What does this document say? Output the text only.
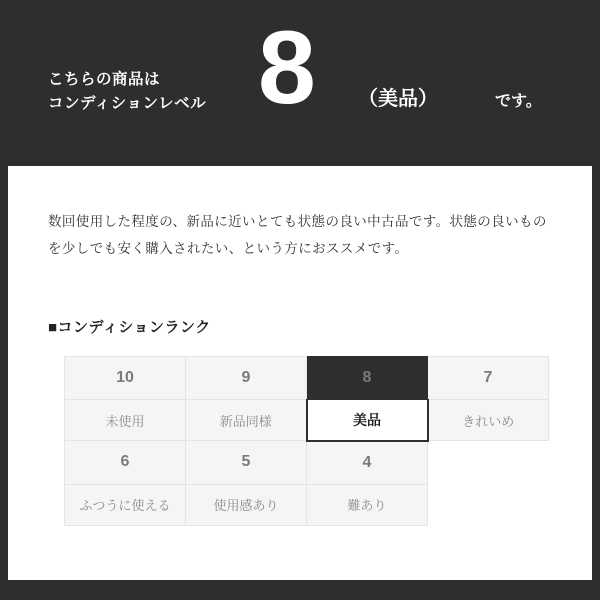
こちらの商品は
コンディションレベル 8 （美品）	です。
数回使用した程度の、新品に近いとても状態の良い中古品です。状態の良いものを少しでも安く購入されたい、という方におススメです。
■コンディションランク
10	9	8	7
未使用	新品同様	美品	きれいめ
6	5	4	
ふつうに使える	使用感あり	難あり	
